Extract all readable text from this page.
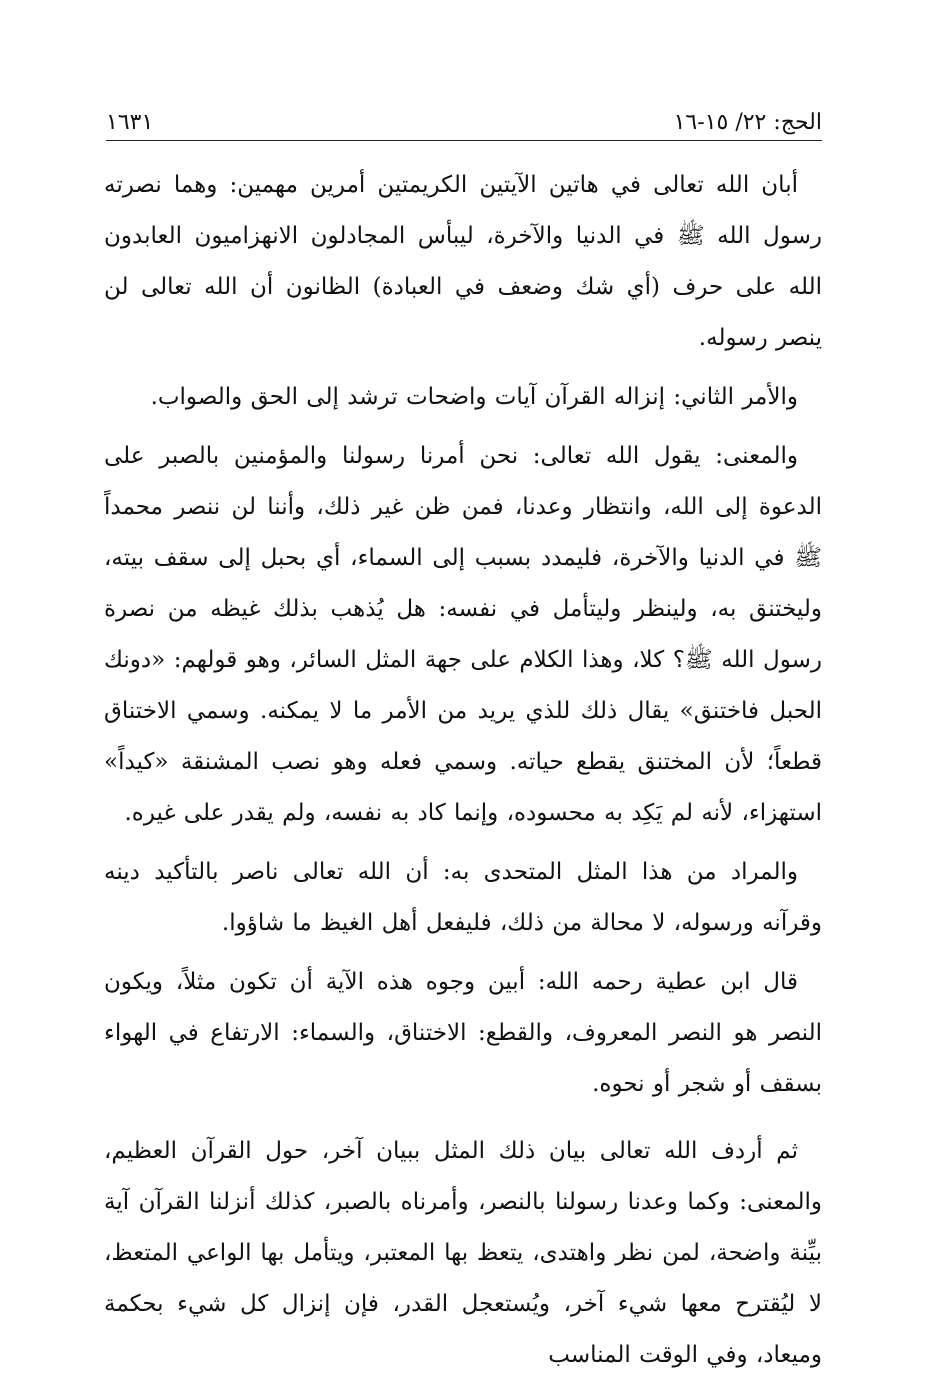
الحج: ٢٢/ ١٥-١٦
١٦٣١

أبان الله تعالى في هاتين الآيتين الكريمتين أمرين مهمين: وهما نصرته رسول الله ﷺ في الدنيا والآخرة، ليبأس المجادلون الانهزاميون العابدون الله على حرف (أي شك وضعف في العبادة) الظانون أن الله تعالى لن ينصر رسوله.

والأمر الثاني: إنزاله القرآن آيات واضحات ترشد إلى الحق والصواب.

والمعنى: يقول الله تعالى: نحن أمرنا رسولنا والمؤمنين بالصبر على الدعوة إلى الله، وانتظار وعدنا، فمن ظن غير ذلك، وأننا لن ننصر محمداً ﷺ في الدنيا والآخرة، فليمدد بسبب إلى السماء، أي بحبل إلى سقف بيته، وليختنق به، ولينظر وليتأمل في نفسه: هل يُذهب بذلك غيظه من نصرة رسول الله ﷺ؟ كلا، وهذا الكلام على جهة المثل السائر، وهو قولهم: «دونك الحبل فاختنق» يقال ذلك للذي يريد من الأمر ما لا يمكنه. وسمي الاختناق قطعاً؛ لأن المختنق يقطع حياته. وسمي فعله وهو نصب المشنقة «كيداً» استهزاء، لأنه لم يَكِد به محسوده، وإنما كاد به نفسه، ولم يقدر على غيره.

والمراد من هذا المثل المتحدى به: أن الله تعالى ناصر بالتأكيد دينه وقرآنه ورسوله، لا محالة من ذلك، فليفعل أهل الغيظ ما شاؤوا.

قال ابن عطية رحمه الله: أبين وجوه هذه الآية أن تكون مثلاً، ويكون النصر هو النصر المعروف، والقطع: الاختناق، والسماء: الارتفاع في الهواء بسقف أو شجر أو نحوه.

ثم أردف الله تعالى بيان ذلك المثل ببيان آخر، حول القرآن العظيم، والمعنى: وكما وعدنا رسولنا بالنصر، وأمرناه بالصبر، كذلك أنزلنا القرآن آية بيِّنة واضحة، لمن نظر واهتدى، يتعظ بها المعتبر، ويتأمل بها الواعي المتعظ، لا ليُقترح معها شيء آخر، ويُستعجل القدر، فإن إنزال كل شيء بحكمة وميعاد، وفي الوقت المناسب
